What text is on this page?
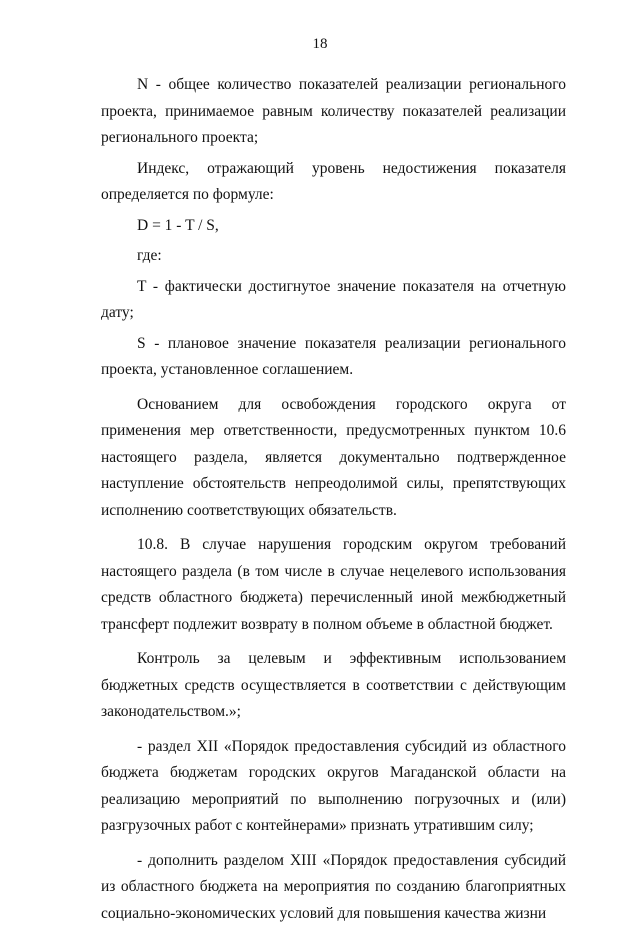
18

N - общее количество показателей реализации регионального проекта, принимаемое равным количеству показателей реализации регионального проекта;

Индекс, отражающий уровень недостижения показателя определяется по формуле:

D = 1 - T / S,

где:

T - фактически достигнутое значение показателя на отчетную дату;

S - плановое значение показателя реализации регионального проекта, установленное соглашением.

Основанием для освобождения городского округа от применения мер ответственности, предусмотренных пунктом 10.6 настоящего раздела, является документально подтвержденное наступление обстоятельств непреодолимой силы, препятствующих исполнению соответствующих обязательств.

10.8. В случае нарушения городским округом требований настоящего раздела (в том числе в случае нецелевого использования средств областного бюджета) перечисленный иной межбюджетный трансферт подлежит возврату в полном объеме в областной бюджет.

Контроль за целевым и эффективным использованием бюджетных средств осуществляется в соответствии с действующим законодательством.»;

- раздел XII «Порядок предоставления субсидий из областного бюджета бюджетам городских округов Магаданской области на реализацию мероприятий по выполнению погрузочных и (или) разгрузочных работ с контейнерами» признать утратившим силу;

- дополнить разделом XIII «Порядок предоставления субсидий из областного бюджета на мероприятия по созданию благоприятных социально-экономических условий для повышения качества жизни
